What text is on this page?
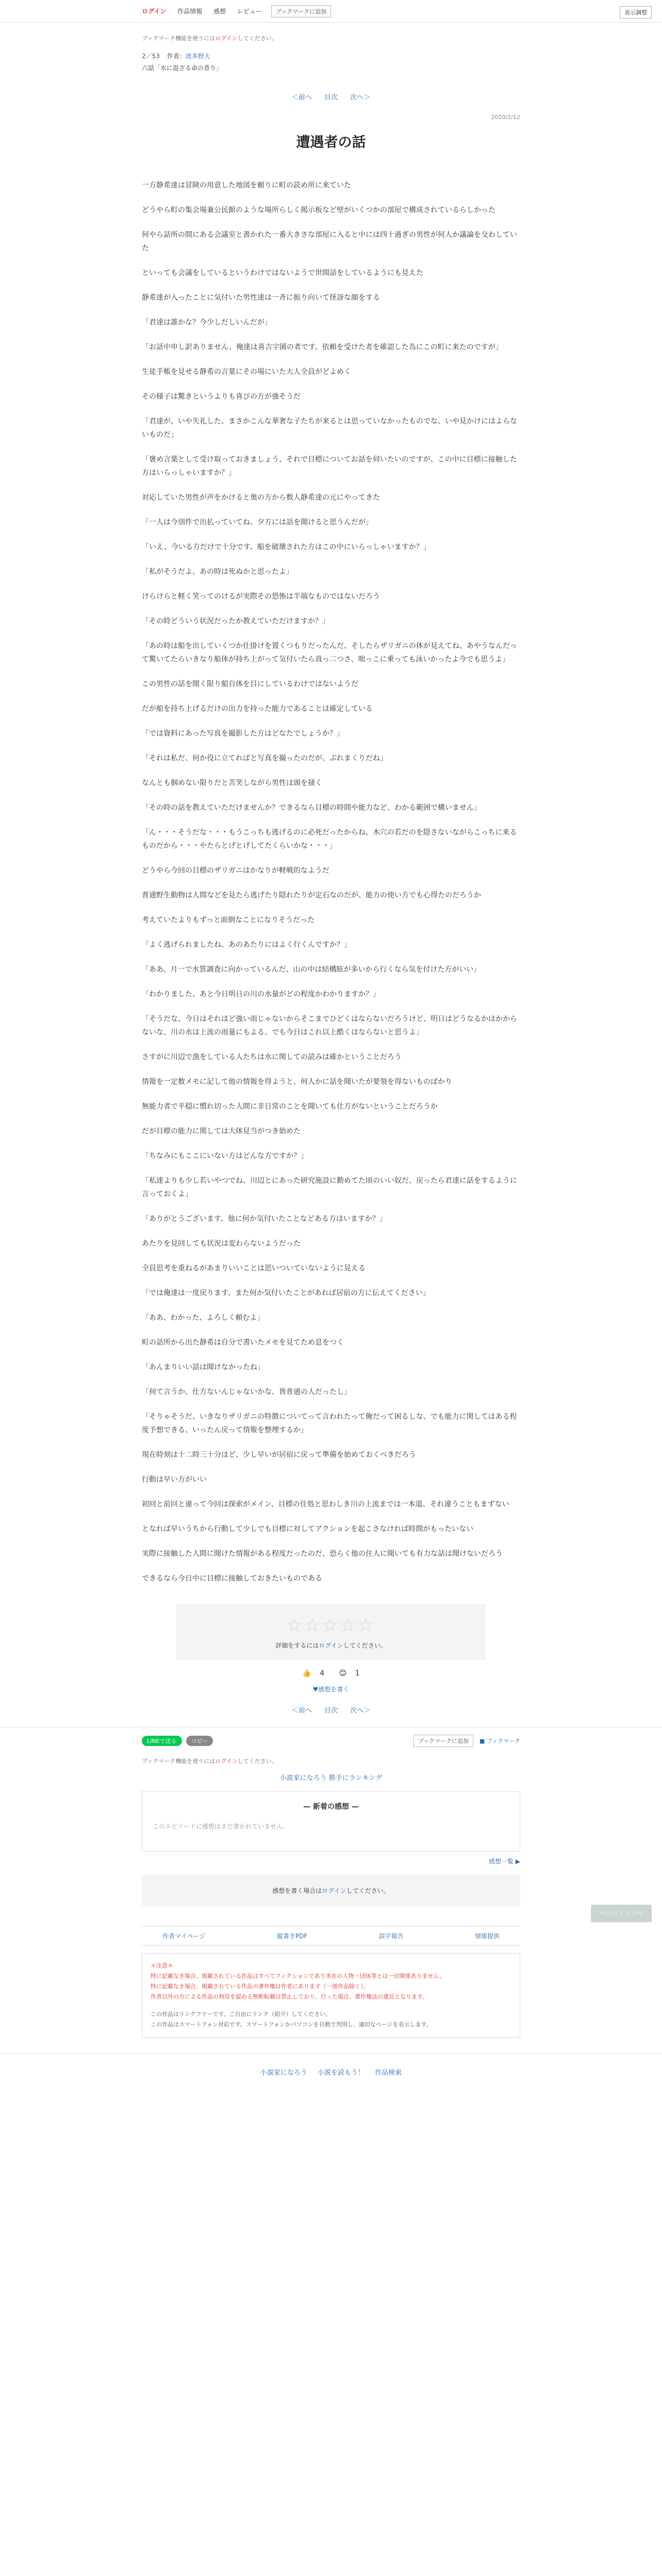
ログイン 作品情報 感想 レビュー	ブックマークに追加	表示調整

ブックマーク機能を使うにはログインしてください。

2／53 作者：波多野大
六話「水に混ざる命の香り」
＜前へ 目次 次へ＞
2020/2/12
遭遇者の話

一方静希達は冒険の用意した地図を頼りに町の読め所に来ていた

どうやら町の集会場兼公民館のような場所らしく掲示板など壁がいくつかの部屋で構成されているらしかった

何やら話所の間にある会議室と書かれた一番大きさな部屋に入ると中には四十過ぎの男性が何人か議論を交わしていた

といっても会議をしているというわけではないようで世間話をしているようにも見えた

静希達が入ったことに気付いた男性達は一斉に振り向いて怪訝な顔をする

「君達は誰かな？今少しだしいんだが」

「お話中申し訳ありません、俺達は喜吉字園の者です、依頼を受けた者を確認した為にこの町に来たのですが」

生徒手帳を見せる静希の言葉にその場にいた大人全員がどよめく

その様子は驚きというよりも喜びの方が強そうだ

「君達が、いや失礼した、まさかこんな華奢な子たちが来るとは思っていなかったものでな、いや見かけにはよらないものだ」

「褒め言葉として受け取っておきましょう、それで目標についてお話を伺いたいのですが、この中に目標に接触した方はいらっしゃいますか？」

対応していた男性が声をかけると奥の方から数人静希達の元にやってきた

「一人は今別件で出払っていてね、夕方には話を聞けると思うんだが」

「いえ、今いる方だけで十分です、船を破壊された方はこの中にいらっしゃいますか？」

「私がそうだよ、あの時は死ぬかと思ったよ」

けらけらと軽く笑ってのけるが実際その恐怖は半端なものではないだろう

「その時どういう状況だったか教えていただけますか？」

「あの時は船を出していくつか仕掛けを置くつもりだったんだ、そしたらザリガニの体が見えてね、あやうなんだって驚いてたらいきなり船体が持ち上がって気付いたら真っ二つさ、咄っこに乗っても泳いかったよ今でも思うよ」

この男性の話を聞く限り船自体を目にしているわけではないようだ

だが船を持ち上げるだけの出力を持った能力であることは確定している

「では資料にあった写真を撮影した方はどなたでしょうか？」

「それは私だ、何か役に立てればと写真を撮ったのだが、ぶれまくりだね」

なんとも掴めない限りだと苦笑しながら男性は頭を掻く

「その時の話を教えていただけませんか？できるなら目標の時間や能力など、わかる範囲で構いません」

「ん・・・そうだな・・・もうこっちも逃げるのに必死だったからね、木穴の若だのを隠さないながらこっちに来るものだから・・・やたらとげとげしてたくらいかな・・・」

どうやら今回の目標のザリガニはかなりが軽戦的なようだ

普通野生動物は人間などを見たら逃げたり隠れたりが定石なのだが、能力の使い方でも心得たのだろうか

考えていたよりもずっと面倒なことになりそうだった

「よく逃げられましたね、あのあたりにはよく行くんですか？」

「ああ、月一で水質調査に向かっているんだ、山の中は結構眩が多いから行くなら気を付けた方がいい」

「わかりました、あと今日明日の川の水量がどの程度かわかりますか？」

「そうだな、今日はそれほど強い雨じゃないからそこまでひどくはならないだろうけど、明日はどうなるかはかからないな、川の水は上流の雨量にもよる、でも今日はこれ以上酷くはならないと思うよ」

さすがに川辺で漁をしている人たちは水に関しての読みは確かということだろう

情報を一定数メモに記して他の情報を得ようと、何人かに話を聞いたが要領を得ないものばかり

無能力者で平穏に慣れ切った人間に非日常のことを聞いても仕方がないということだろうか

だが目標の能力に関しては大体見当がつき始めた

「ちなみにもここにいない方はどんな方ですか？」

「私達よりも少し若いやつでね、川辺とにあった研究施設に勤めてた頃のいい奴だ、戻ったら君達に話をするように言っておくよ」

「ありがとうございます、他に何か気付いたことなどある方はいますか？」

あたりを見回しても状況は変わらないようだった

全員思考を重ねるがあまりいいことは思いついていないように見える

「では俺達は一度戻ります、また何か気付いたことがあれば居宿の方に伝えてください」

「ああ、わかった、よろしく頼むよ」

町の話所から出た静希は自分で書いたメモを見てため息をつく

「あんまりいい話は聞けなかったね」

「何て言うか、仕方ないんじゃないかな、皆普通の人だったし」

「そりゃそうだ、いきなりザリガニの特徴についてって言われたって俺だって困るしな、でも能力に関してはある程度予想できる、いったん戻って情報を整理するか」

現在時刻は十二時三十分ほど、少し早いが居宿に戻って準備を始めておくべきだろう

行動は早い方がいい

初回と前回と違って今回は探索がメイン、目標の住処と思わしき川の上流までは一本道、それ違うこともまずない

となれば早いうちから行動して少しでも目標に対してアクションを起こさなければ時間がもったいない

実際に接触した人間に聞けた情報がある程度だったのだ、恐らく他の住人に聞いても有力な話は聞けないだろう

できるなら今日中に目標に接触しておきたいものである

☆☆☆☆☆

評価をするにはログインしてください。

👍 4 😊 1
♥感想を書く
＜前へ 目次 次へ＞
ページトップへ
LINEで送る	コピー	ブックマークに追加	■ ブックマーク

ブックマーク機能を使うにはログインしてください。

小説家になろう 勝手にランキング
— 新着の感想 —

このエピソードに感想はまだ書かれていません。

感想一覧 ▶
感想を書く場合はログインしてください。
作者マイページ	縦書きPDF	誤字報告	情報提供

＊注意＊

特に記載なき場合、掲載されている作品はすべてフィクションであり実在の人物・団体等とは一切関係ありません。

特に記載なき場合、掲載されている作品の著作権は作者にあります（一部作品除く）。

作者以外の方による作品の利用を認める無断転載は禁止しており、行った場合、著作権法の違反となります。

この作品はリンクフリーです。ご自由にリンク（紹介）してください。

この作品はスマートフォン対応です。スマートフォンかパソコンを自動で判別し、適切なページを表示します。

小説家になろう 小説を読もう！ 作品検索
